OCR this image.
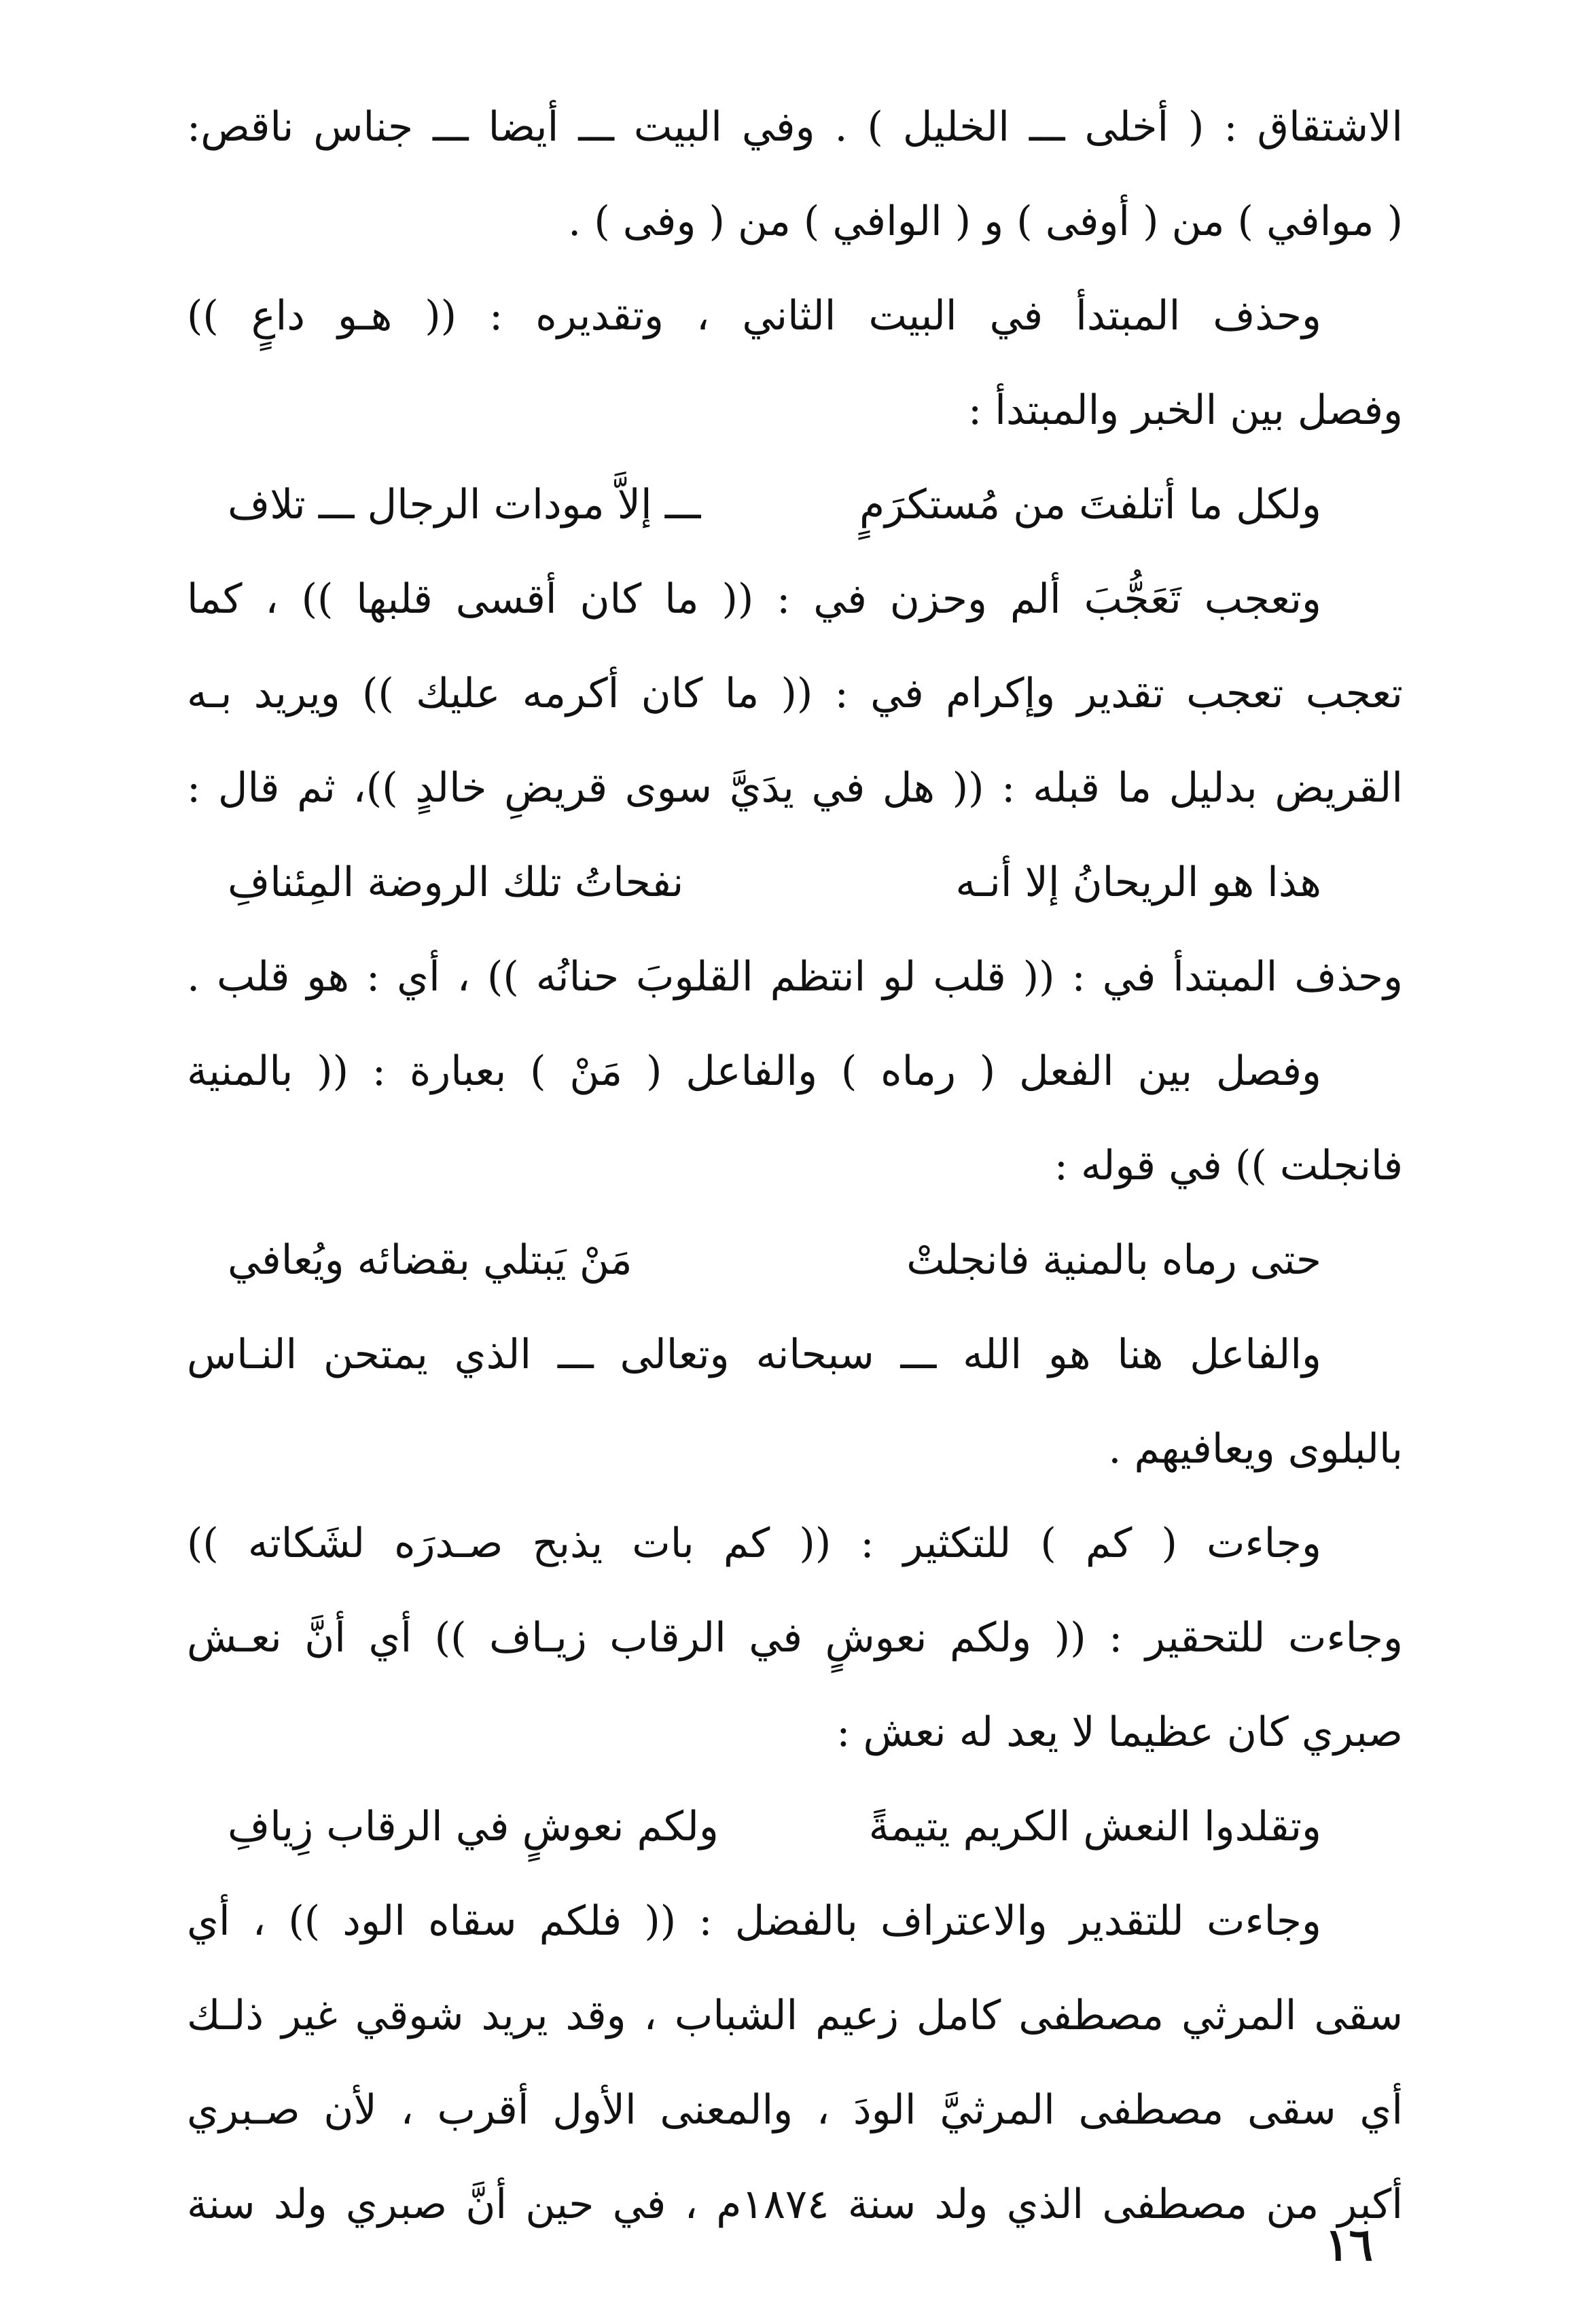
الاشتقاق : ( أخلى ـــ الخليل ) . وفي البيت ـــ أيضا ـــ جناس ناقص:
( موافي ) من ( أوفى ) و ( الوافي ) من ( وفى ) .
وحذف المبتدأ في البيت الثاني ، وتقديره : (( هـو داعٍ ))
وفصل بين الخبر والمبتدأ :
ولكل ما أتلفتَ من مُستكرَمٍ
ـــ إلاَّ مودات الرجال ـــ تلاف
وتعجب تَعَجُّبَ ألم وحزن في : (( ما كان أقسى قلبها )) ، كما
تعجب تعجب تقدير وإكرام في : (( ما كان أكرمه عليك )) ويريد بـه
القريض بدليل ما قبله : (( هل في يدَيَّ سوى قريضِ خالدٍ ))، ثم قال :
هذا هو الريحانُ إلا أنـه
نفحاتُ تلك الروضة المِئنافِ
وحذف المبتدأ في : (( قلب لو انتظم القلوبَ حنانُه )) ، أي : هو قلب .
وفصل بين الفعل ( رماه ) والفاعل ( مَنْ ) بعبارة : (( بالمنية
فانجلت )) في قوله :
حتى رماه بالمنية فانجلتْ
مَنْ يَبتلي بقضائه ويُعافي
والفاعل هنا هو الله ـــ سبحانه وتعالى ـــ الذي يمتحن النـاس
بالبلوى ويعافيهم .
وجاءت ( كم ) للتكثير : (( كم بات يذبح صـدرَه لشَكاته ))
وجاءت للتحقير : (( ولكم نعوشٍ في الرقاب زيـاف )) أي أنَّ نعـش
صبري كان عظيما لا يعد له نعش :
وتقلدوا النعش الكريم يتيمةً
ولكم نعوشٍ في الرقاب زِيافِ
وجاءت للتقدير والاعتراف بالفضل : (( فلكم سقاه الود )) ، أي
سقى المرثي مصطفى كامل زعيم الشباب ، وقد يريد شوقي غير ذلـك
أي سقى مصطفى المرثيَّ الودَ ، والمعنى الأول أقرب ، لأن صـبري
أكبر من مصطفى الذي ولد سنة ١٨٧٤م ، في حين أنَّ صبري ولد سنة
١٦
